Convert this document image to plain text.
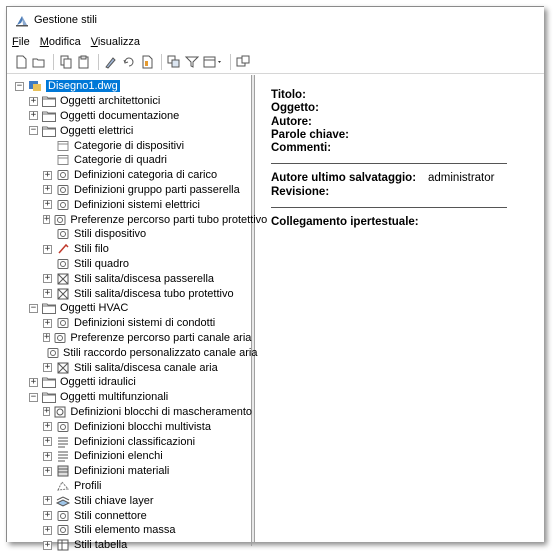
Gestione stili
File Modifica Visualizza
− Disegno1.dwg
+ Oggetti architettonici
+ Oggetti documentazione
− Oggetti elettrici
Categorie di dispositivi
Categorie di quadri
+ Definizioni categoria di carico
+ Definizioni gruppo parti passerella
+ Definizioni sistemi elettrici
+ Preferenze percorso parti tubo protettivo
Stili dispositivo
+ Stili filo
Stili quadro
+ Stili salita/discesa passerella
+ Stili salita/discesa tubo protettivo
− Oggetti HVAC
+ Definizioni sistemi di condotti
+ Preferenze percorso parti canale aria
Stili raccordo personalizzato canale aria
+ Stili salita/discesa canale aria
+ Oggetti idraulici
− Oggetti multifunzionali
+ Definizioni blocchi di mascheramento
+ Definizioni blocchi multivista
+ Definizioni classificazioni
+ Definizioni elenchi
+ Definizioni materiali
Profili
+ Stili chiave layer
+ Stili connettore
+ Stili elemento massa
+ Stili tabella
Titolo:
Oggetto:
Autore:
Parole chiave:
Commenti:
Autore ultimo salvataggio:	administrator
Revisione:
Collegamento ipertestuale:
